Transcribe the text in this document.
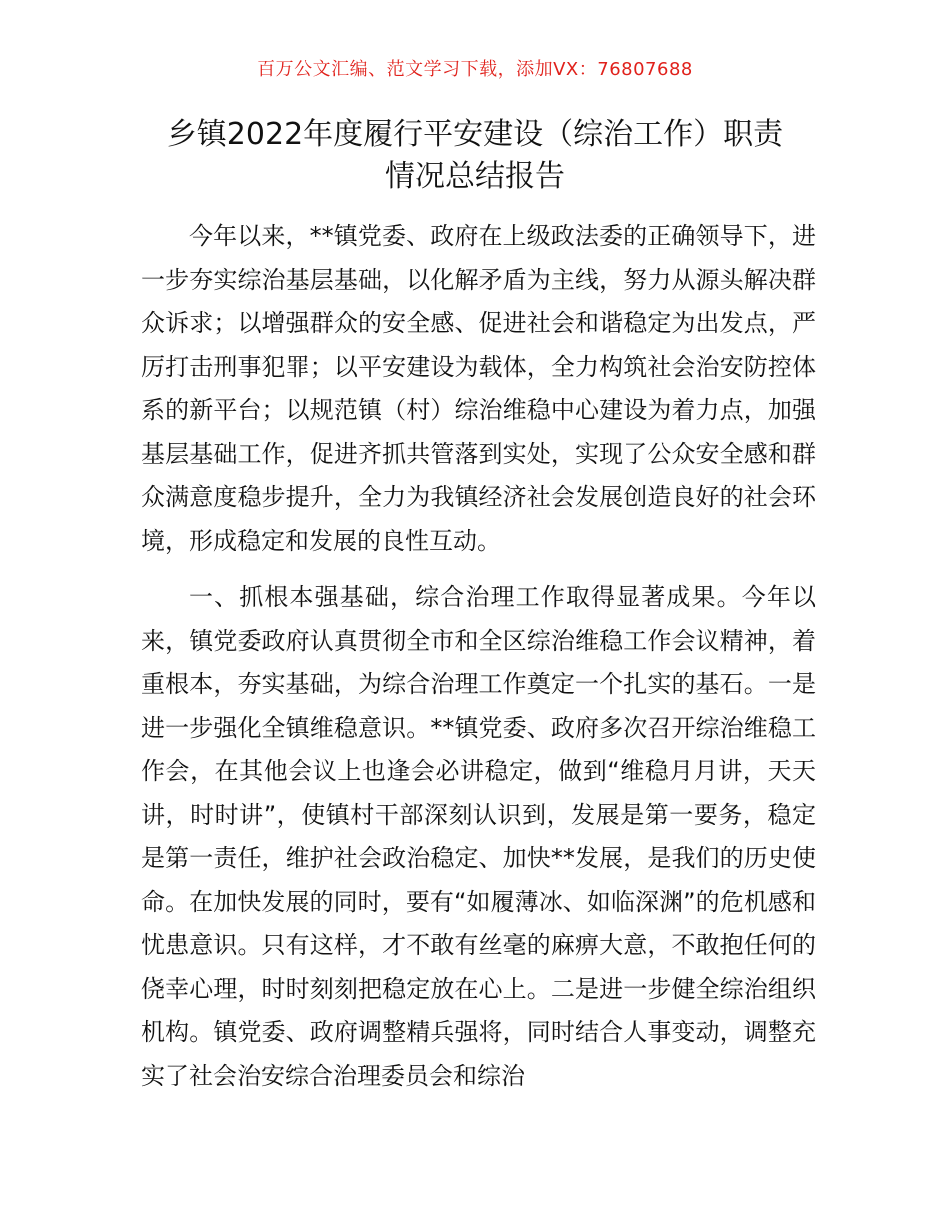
百万公文汇编、范文学习下载，添加VX：76807688
乡镇2022年度履行平安建设（综治工作）职责
情况总结报告

今年以来，**镇党委、政府在上级政法委的正确领导下，进一步夯实综治基层基础，以化解矛盾为主线，努力从源头解决群众诉求；以增强群众的安全感、促进社会和谐稳定为出发点，严厉打击刑事犯罪；以平安建设为载体，全力构筑社会治安防控体系的新平台；以规范镇（村）综治维稳中心建设为着力点，加强基层基础工作，促进齐抓共管落到实处，实现了公众安全感和群众满意度稳步提升，全力为我镇经济社会发展创造良好的社会环境，形成稳定和发展的良性互动。

一、抓根本强基础，综合治理工作取得显著成果。今年以来，镇党委政府认真贯彻全市和全区综治维稳工作会议精神，着重根本，夯实基础，为综合治理工作奠定一个扎实的基石。一是进一步强化全镇维稳意识。**镇党委、政府多次召开综治维稳工作会，在其他会议上也逢会必讲稳定，做到“维稳月月讲，天天讲，时时讲”，使镇村干部深刻认识到，发展是第一要务，稳定是第一责任，维护社会政治稳定、加快**发展，是我们的历史使命。在加快发展的同时，要有“如履薄冰、如临深渊”的危机感和忧患意识。只有这样，才不敢有丝毫的麻痹大意，不敢抱任何的侥幸心理，时时刻刻把稳定放在心上。二是进一步健全综治组织机构。镇党委、政府调整精兵强将，同时结合人事变动，调整充实了社会治安综合治理委员会和综治
